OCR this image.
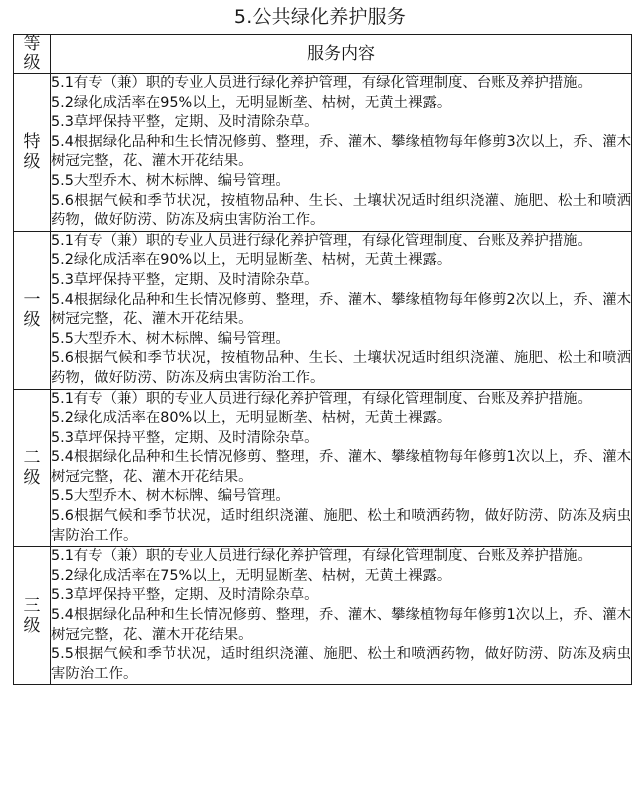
5.公共绿化养护服务
等
级	服务内容

特
级

5.1有专（兼）职的专业人员进行绿化养护管理，有绿化管理制度、台账及养护措施。
5.2绿化成活率在95%以上，无明显断垄、枯树，无黄土裸露。
5.3草坪保持平整，定期、及时清除杂草。
5.4根据绿化品种和生长情况修剪、整理，乔、灌木、攀缘植物每年修剪3次以上，乔、灌木树冠完整，花、灌木开花结果。
5.5大型乔木、树木标牌、编号管理。
5.6根据气候和季节状况，按植物品种、生长、土壤状况适时组织浇灌、施肥、松土和喷洒药物，做好防涝、防冻及病虫害防治工作。

一
级

5.1有专（兼）职的专业人员进行绿化养护管理，有绿化管理制度、台账及养护措施。
5.2绿化成活率在90%以上，无明显断垄、枯树，无黄土裸露。
5.3草坪保持平整，定期、及时清除杂草。
5.4根据绿化品种和生长情况修剪、整理，乔、灌木、攀缘植物每年修剪2次以上，乔、灌木树冠完整，花、灌木开花结果。
5.5大型乔木、树木标牌、编号管理。
5.6根据气候和季节状况，按植物品种、生长、土壤状况适时组织浇灌、施肥、松土和喷洒药物，做好防涝、防冻及病虫害防治工作。

二
级

5.1有专（兼）职的专业人员进行绿化养护管理，有绿化管理制度、台账及养护措施。
5.2绿化成活率在80%以上，无明显断垄、枯树，无黄土裸露。
5.3草坪保持平整，定期、及时清除杂草。
5.4根据绿化品种和生长情况修剪、整理，乔、灌木、攀缘植物每年修剪1次以上，乔、灌木树冠完整，花、灌木开花结果。
5.5大型乔木、树木标牌、编号管理。
5.6根据气候和季节状况，适时组织浇灌、施肥、松土和喷洒药物，做好防涝、防冻及病虫害防治工作。

三
级

5.1有专（兼）职的专业人员进行绿化养护管理，有绿化管理制度、台账及养护措施。
5.2绿化成活率在75%以上，无明显断垄、枯树，无黄土裸露。
5.3草坪保持平整，定期、及时清除杂草。
5.4根据绿化品种和生长情况修剪、整理，乔、灌木、攀缘植物每年修剪1次以上，乔、灌木树冠完整，花、灌木开花结果。
5.5根据气候和季节状况，适时组织浇灌、施肥、松土和喷洒药物，做好防涝、防冻及病虫害防治工作。
